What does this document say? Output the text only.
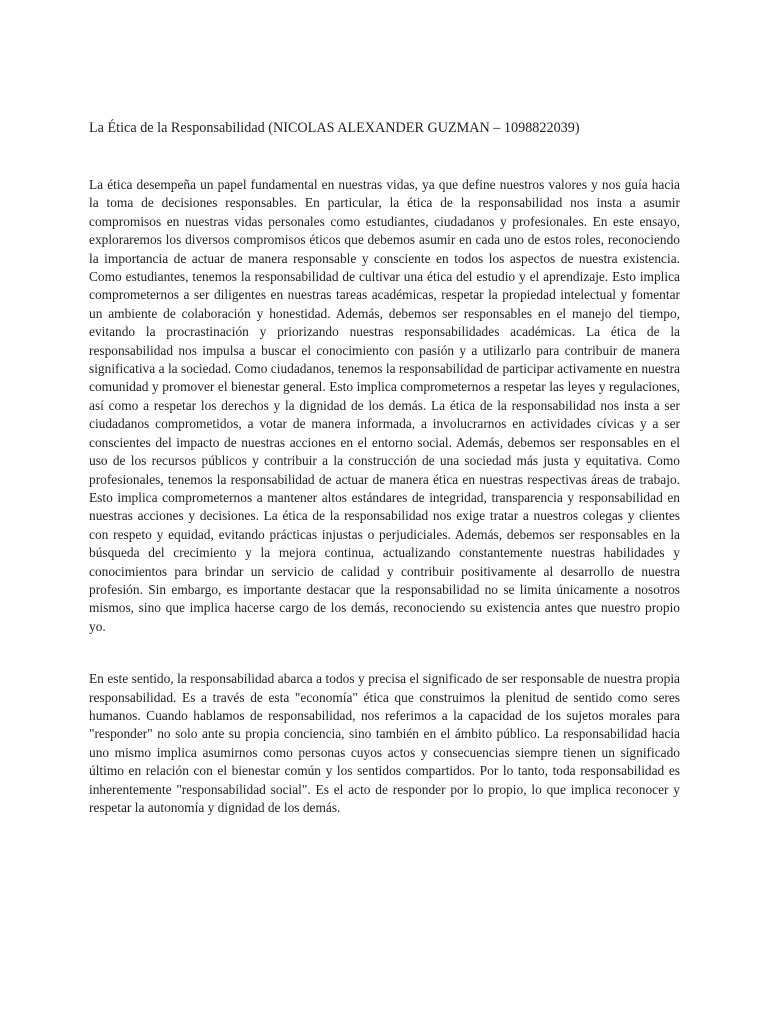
La Ética de la Responsabilidad (NICOLAS ALEXANDER GUZMAN – 1098822039)

La ética desempeña un papel fundamental en nuestras vidas, ya que define nuestros valores y nos guía hacia la toma de decisiones responsables. En particular, la ética de la responsabilidad nos insta a asumir compromisos en nuestras vidas personales como estudiantes, ciudadanos y profesionales. En este ensayo, exploraremos los diversos compromisos éticos que debemos asumir en cada uno de estos roles, reconociendo la importancia de actuar de manera responsable y consciente en todos los aspectos de nuestra existencia. Como estudiantes, tenemos la responsabilidad de cultivar una ética del estudio y el aprendizaje. Esto implica comprometernos a ser diligentes en nuestras tareas académicas, respetar la propiedad intelectual y fomentar un ambiente de colaboración y honestidad. Además, debemos ser responsables en el manejo del tiempo, evitando la procrastinación y priorizando nuestras responsabilidades académicas. La ética de la responsabilidad nos impulsa a buscar el conocimiento con pasión y a utilizarlo para contribuir de manera significativa a la sociedad. Como ciudadanos, tenemos la responsabilidad de participar activamente en nuestra comunidad y promover el bienestar general. Esto implica comprometernos a respetar las leyes y regulaciones, así como a respetar los derechos y la dignidad de los demás. La ética de la responsabilidad nos insta a ser ciudadanos comprometidos, a votar de manera informada, a involucrarnos en actividades cívicas y a ser conscientes del impacto de nuestras acciones en el entorno social. Además, debemos ser responsables en el uso de los recursos públicos y contribuir a la construcción de una sociedad más justa y equitativa. Como profesionales, tenemos la responsabilidad de actuar de manera ética en nuestras respectivas áreas de trabajo. Esto implica comprometernos a mantener altos estándares de integridad, transparencia y responsabilidad en nuestras acciones y decisiones. La ética de la responsabilidad nos exige tratar a nuestros colegas y clientes con respeto y equidad, evitando prácticas injustas o perjudiciales. Además, debemos ser responsables en la búsqueda del crecimiento y la mejora continua, actualizando constantemente nuestras habilidades y conocimientos para brindar un servicio de calidad y contribuir positivamente al desarrollo de nuestra profesión. Sin embargo, es importante destacar que la responsabilidad no se limita únicamente a nosotros mismos, sino que implica hacerse cargo de los demás, reconociendo su existencia antes que nuestro propio yo.

En este sentido, la responsabilidad abarca a todos y precisa el significado de ser responsable de nuestra propia responsabilidad. Es a través de esta "economía" ética que construimos la plenitud de sentido como seres humanos. Cuando hablamos de responsabilidad, nos referimos a la capacidad de los sujetos morales para "responder" no solo ante su propia conciencia, sino también en el ámbito público. La responsabilidad hacia uno mismo implica asumirnos como personas cuyos actos y consecuencias siempre tienen un significado último en relación con el bienestar común y los sentidos compartidos. Por lo tanto, toda responsabilidad es inherentemente "responsabilidad social". Es el acto de responder por lo propio, lo que implica reconocer y respetar la autonomía y dignidad de los demás.
